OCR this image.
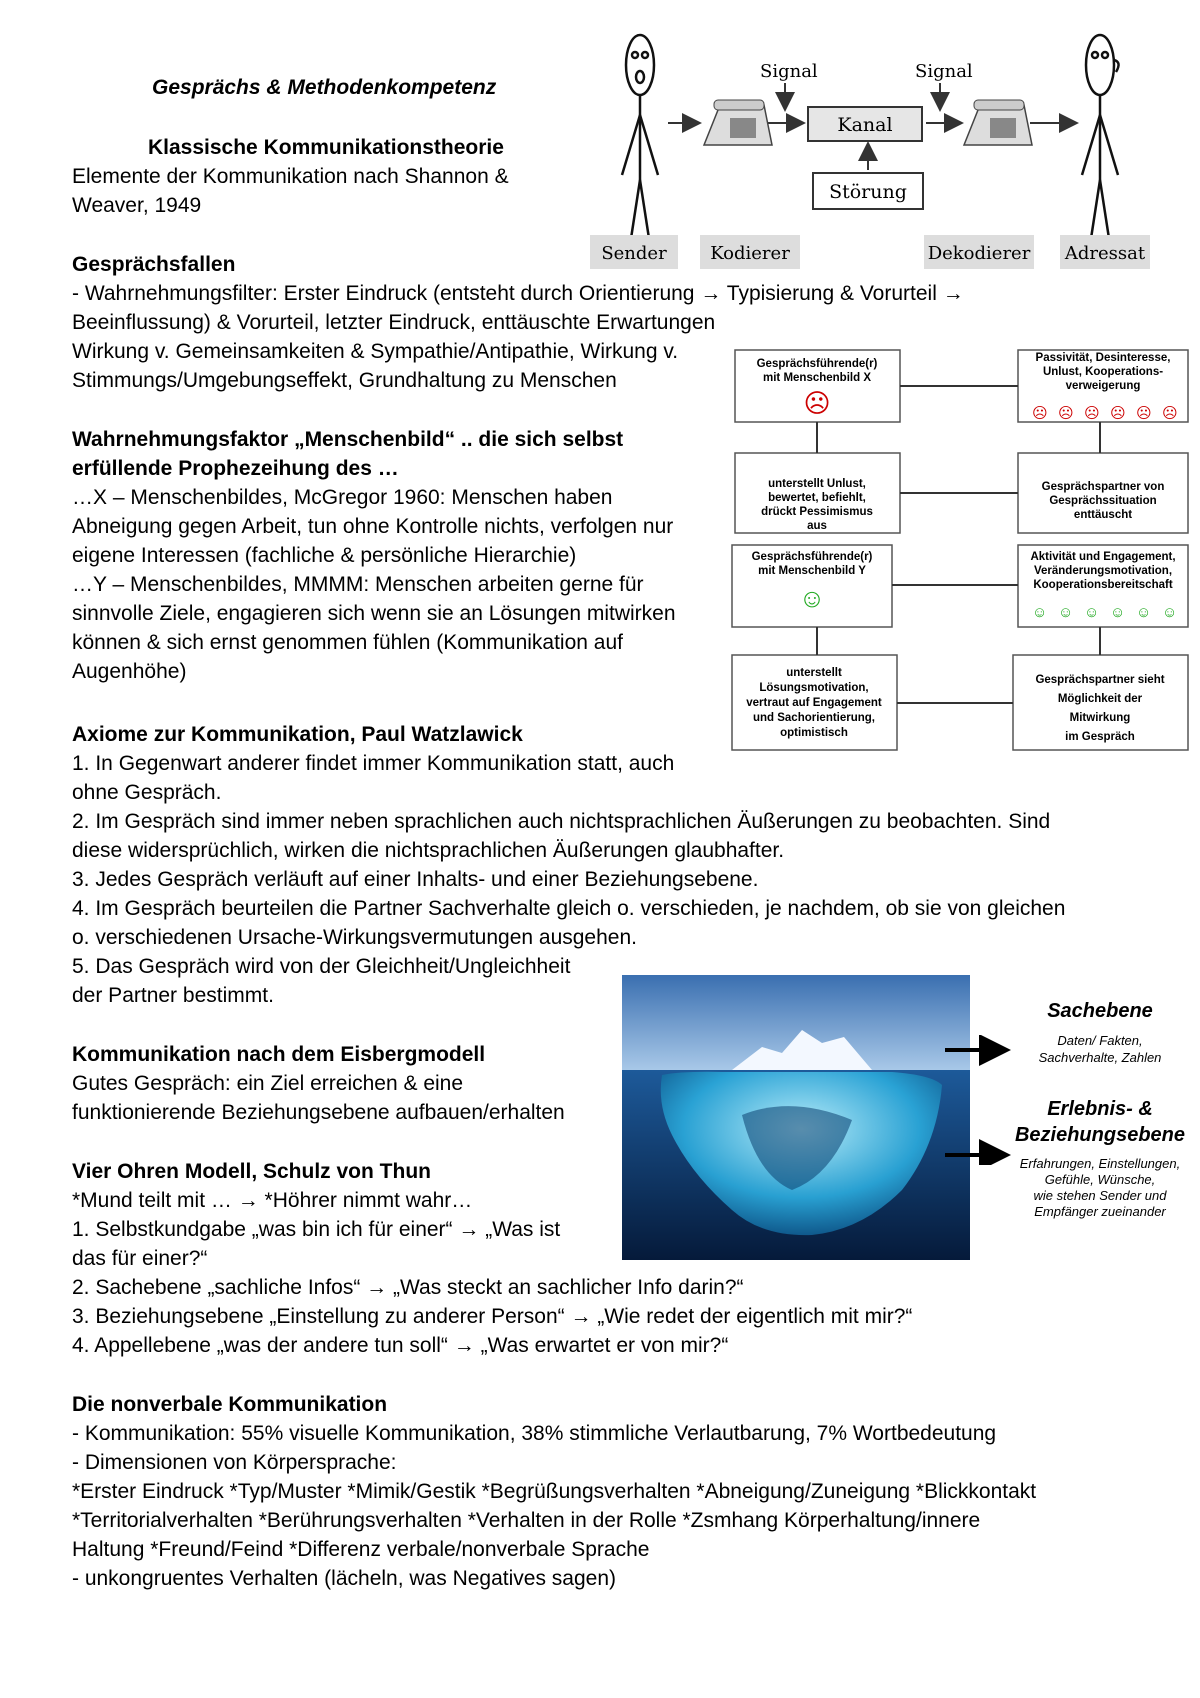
Gesprächs & Methodenkompetenz
Klassische Kommunikationstheorie
Elemente der Kommunikation nach Shannon &
Weaver, 1949
Signal	Signal
Kanal
Störung
Sender Kodierer	Dekodierer Adressat
Gesprächsfallen
- Wahrnehmungsfilter: Erster Eindruck (entsteht durch Orientierung → Typisierung & Vorurteil →
Beeinflussung) & Vorurteil, letzter Eindruck, enttäuschte Erwartungen
Wirkung v. Gemeinsamkeiten & Sympathie/Antipathie, Wirkung v.
Stimmungs/Umgebungseffekt, Grundhaltung zu Menschen
Wahrnehmungsfaktor „Menschenbild“ .. die sich selbst
erfüllende Prophezeihung des …
…X – Menschenbildes, McGregor 1960: Menschen haben
Abneigung gegen Arbeit, tun ohne Kontrolle nichts, verfolgen nur
eigene Interessen (fachliche & persönliche Hierarchie)
…Y – Menschenbildes, MMMM: Menschen arbeiten gerne für
sinnvolle Ziele, engagieren sich wenn sie an Lösungen mitwirken
können & sich ernst genommen fühlen (Kommunikation auf
Augenhöhe)
Gesprächsführende(r)
mit Menschenbild X
☹
Passivität, Desinteresse,
Unlust, Kooperations-
verweigerung
☹ ☹ ☹ ☹ ☹ ☹
unterstellt Unlust,
bewertet, befiehlt,
drückt Pessimismus
aus
Gesprächspartner von
Gesprächssituation
enttäuscht
Gesprächsführende(r)
mit Menschenbild Y
☺
Aktivität und Engagement,
Veränderungsmotivation,
Kooperationsbereitschaft
☺ ☺ ☺ ☺ ☺ ☺
unterstellt
Lösungsmotivation,
vertraut auf Engagement
und Sachorientierung,
optimistisch
Gesprächspartner sieht
Möglichkeit der
Mitwirkung
im Gespräch
Axiome zur Kommunikation, Paul Watzlawick
1. In Gegenwart anderer findet immer Kommunikation statt, auch
ohne Gespräch.
2. Im Gespräch sind immer neben sprachlichen auch nichtsprachlichen Äußerungen zu beobachten. Sind
diese widersprüchlich, wirken die nichtsprachlichen Äußerungen glaubhafter.
3. Jedes Gespräch verläuft auf einer Inhalts- und einer Beziehungsebene.
4. Im Gespräch beurteilen die Partner Sachverhalte gleich o. verschieden, je nachdem, ob sie von gleichen
o. verschiedenen Ursache-Wirkungsvermutungen ausgehen.
5. Das Gespräch wird von der Gleichheit/Ungleichheit
der Partner bestimmt.
Kommunikation nach dem Eisbergmodell
Gutes Gespräch: ein Ziel erreichen & eine
funktionierende Beziehungsebene aufbauen/erhalten
Sachebene
Daten/ Fakten,
Sachverhalte, Zahlen
Erlebnis- &
Beziehungsebene
Erfahrungen, Einstellungen,
Gefühle, Wünsche,
wie stehen Sender und
Empfänger zueinander
Vier Ohren Modell, Schulz von Thun
*Mund teilt mit … → *Höhrer nimmt wahr…
1. Selbstkundgabe „was bin ich für einer“ → „Was ist
das für einer?“
2. Sachebene „sachliche Infos“ → „Was steckt an sachlicher Info darin?“
3. Beziehungsebene „Einstellung zu anderer Person“ → „Wie redet der eigentlich mit mir?“
4. Appellebene „was der andere tun soll“ → „Was erwartet er von mir?“
Die nonverbale Kommunikation
- Kommunikation: 55% visuelle Kommunikation, 38% stimmliche Verlautbarung, 7% Wortbedeutung
- Dimensionen von Körpersprache:
*Erster Eindruck *Typ/Muster *Mimik/Gestik *Begrüßungsverhalten *Abneigung/Zuneigung *Blickkontakt
*Territorialverhalten *Berührungsverhalten *Verhalten in der Rolle *Zsmhang Körperhaltung/innere
Haltung *Freund/Feind *Differenz verbale/nonverbale Sprache
- unkongruentes Verhalten (lächeln, was Negatives sagen)
